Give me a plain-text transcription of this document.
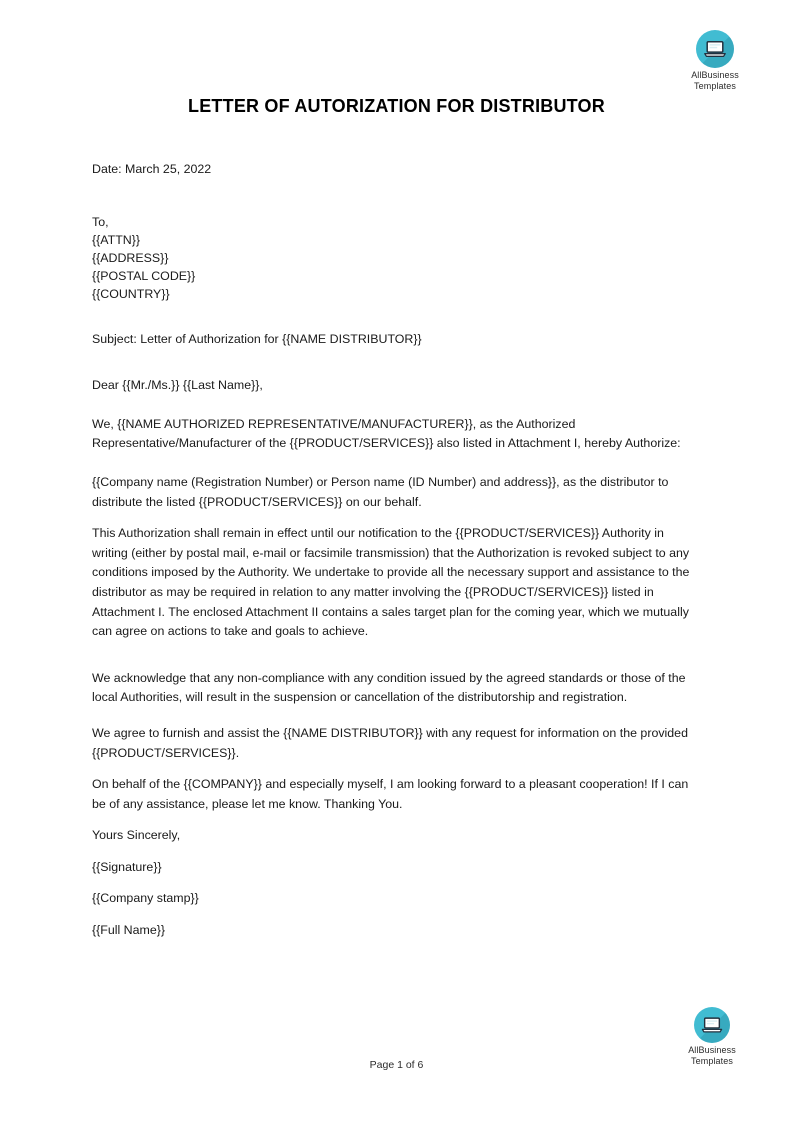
AllBusiness
Templates
LETTER OF AUTORIZATION FOR DISTRIBUTOR
Date: March 25, 2022
To,
{{ATTN}}
{{ADDRESS}}
{{POSTAL CODE}}
{{COUNTRY}}
Subject: Letter of Authorization for {{NAME DISTRIBUTOR}}
Dear {{Mr./Ms.}} {{Last Name}},
We, {{NAME AUTHORIZED REPRESENTATIVE/MANUFACTURER}}, as the Authorized Representative/Manufacturer of the {{PRODUCT/SERVICES}} also listed in Attachment I, hereby Authorize:
{{Company name (Registration Number) or Person name (ID Number) and address}}, as the distributor to distribute the listed {{PRODUCT/SERVICES}} on our behalf.
This Authorization shall remain in effect until our notification to the {{PRODUCT/SERVICES}} Authority in writing (either by postal mail, e-mail or facsimile transmission) that the Authorization is revoked subject to any conditions imposed by the Authority. We undertake to provide all the necessary support and assistance to the distributor as may be required in relation to any matter involving the {{PRODUCT/SERVICES}} listed in Attachment I. The enclosed Attachment II contains a sales target plan for the coming year, which we mutually can agree on actions to take and goals to achieve.
We acknowledge that any non-compliance with any condition issued by the agreed standards or those of the local Authorities, will result in the suspension or cancellation of the distributorship and registration.
We agree to furnish and assist the {{NAME DISTRIBUTOR}} with any request for information on the provided {{PRODUCT/SERVICES}}.
On behalf of the {{COMPANY}} and especially myself, I am looking forward to a pleasant cooperation! If I can be of any assistance, please let me know. Thanking You.
Yours Sincerely,
{{Signature}}
{{Company stamp}}
{{Full Name}}
AllBusiness
Templates
Page 1 of 6
